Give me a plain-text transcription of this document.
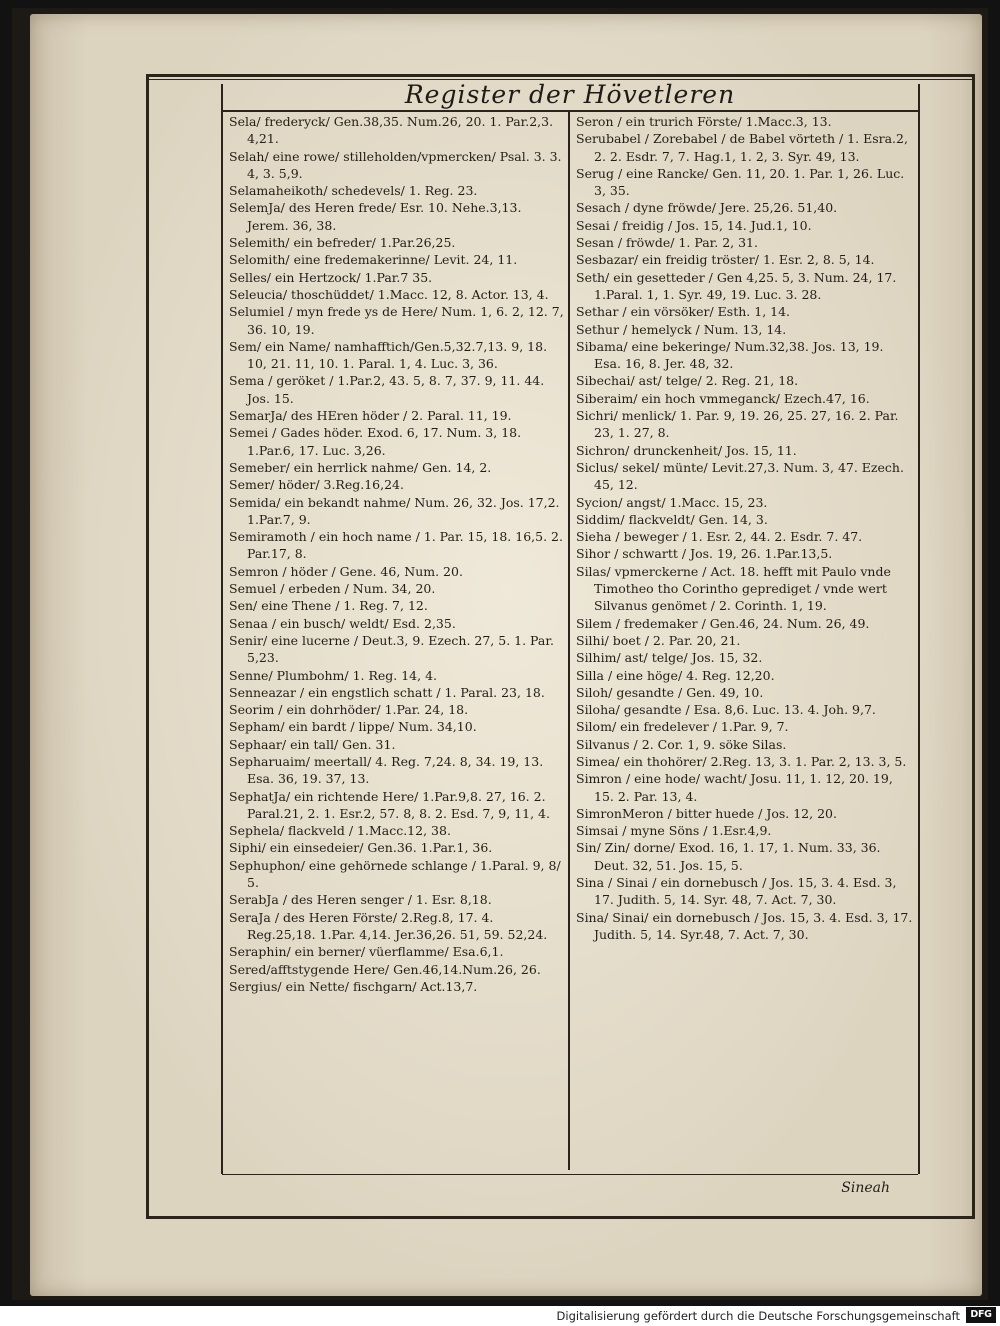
Register der Hövetleren
Sela/ frederyck/ Gen.38,35. Num.26, 20. 1. Par.2,3. 4,21.
Selah/ eine rowe/ stilleholden/vpmercken/ Psal. 3. 3. 4, 3. 5,9.
Selamaheikoth/ schedevels/ 1. Reg. 23.
SelemJa/ des Heren frede/ Esr. 10. Nehe.3,13. Jerem. 36, 38.
Selemith/ ein befreder/ 1.Par.26,25.
Selomith/ eine fredemakerinne/ Levit. 24, 11.
Selles/ ein Hertzock/ 1.Par.7 35.
Seleucia/ thoschüddet/ 1.Macc. 12, 8. Actor. 13, 4.
Selumiel / myn frede ys de Here/ Num. 1, 6. 2, 12. 7, 36. 10, 19.
Sem/ ein Name/ namhafftich/Gen.5,32.7,13. 9, 18. 10, 21. 11, 10. 1. Paral. 1, 4. Luc. 3, 36.
Sema / geröket / 1.Par.2, 43. 5, 8. 7, 37. 9, 11. 44. Jos. 15.
SemarJa/ des HEren höder / 2. Paral. 11, 19.
Semei / Gades höder. Exod. 6, 17. Num. 3, 18. 1.Par.6, 17. Luc. 3,26.
Semeber/ ein herrlick nahme/ Gen. 14, 2.
Semer/ höder/ 3.Reg.16,24.
Semida/ ein bekandt nahme/ Num. 26, 32. Jos. 17,2. 1.Par.7, 9.
Semiramoth / ein hoch name / 1. Par. 15, 18. 16,5. 2. Par.17, 8.
Semron / höder / Gene. 46, Num. 20.
Semuel / erbeden / Num. 34, 20.
Sen/ eine Thene / 1. Reg. 7, 12.
Senaa / ein busch/ weldt/ Esd. 2,35.
Senir/ eine lucerne / Deut.3, 9. Ezech. 27, 5. 1. Par. 5,23.
Senne/ Plumbohm/ 1. Reg. 14, 4.
Senneazar / ein engstlich schatt / 1. Paral. 23, 18.
Seorim / ein dohrhöder/ 1.Par. 24, 18.
Sepham/ ein bardt / lippe/ Num. 34,10.
Sephaar/ ein tall/ Gen. 31.
Sepharuaim/ meertall/ 4. Reg. 7,24. 8, 34. 19, 13. Esa. 36, 19. 37, 13.
SephatJa/ ein richtende Here/ 1.Par.9,8. 27, 16. 2. Paral.21, 2. 1. Esr.2, 57. 8, 8. 2. Esd. 7, 9, 11, 4.
Sephela/ flackveld / 1.Macc.12, 38.
Siphi/ ein einsedeier/ Gen.36. 1.Par.1, 36.
Sephuphon/ eine gehörnede schlange / 1.Paral. 9, 8/ 5.
SerabJa / des Heren senger / 1. Esr. 8,18.
SeraJa / des Heren Förste/ 2.Reg.8, 17. 4. Reg.25,18. 1.Par. 4,14. Jer.36,26. 51, 59. 52,24.
Seraphin/ ein berner/ vüerflamme/ Esa.6,1.
Sered/afftstygende Here/ Gen.46,14.Num.26, 26.
Sergius/ ein Nette/ fischgarn/ Act.13,7.
Seron / ein trurich Förste/ 1.Macc.3, 13.
Serubabel / Zorebabel / de Babel vörteth / 1. Esra.2, 2. 2. Esdr. 7, 7. Hag.1, 1. 2, 3. Syr. 49, 13.
Serug / eine Rancke/ Gen. 11, 20. 1. Par. 1, 26. Luc. 3, 35.
Sesach / dyne fröwde/ Jere. 25,26. 51,40.
Sesai / freidig / Jos. 15, 14. Jud.1, 10.
Sesan / fröwde/ 1. Par. 2, 31.
Sesbazar/ ein freidig tröster/ 1. Esr. 2, 8. 5, 14.
Seth/ ein gesetteder / Gen 4,25. 5, 3. Num. 24, 17. 1.Paral. 1, 1. Syr. 49, 19. Luc. 3. 28.
Sethar / ein vörsöker/ Esth. 1, 14.
Sethur / hemelyck / Num. 13, 14.
Sibama/ eine bekeringe/ Num.32,38. Jos. 13, 19. Esa. 16, 8. Jer. 48, 32.
Sibechai/ ast/ telge/ 2. Reg. 21, 18.
Siberaim/ ein hoch vmmeganck/ Ezech.47, 16.
Sichri/ menlick/ 1. Par. 9, 19. 26, 25. 27, 16. 2. Par. 23, 1. 27, 8.
Sichron/ drunckenheit/ Jos. 15, 11.
Siclus/ sekel/ münte/ Levit.27,3. Num. 3, 47. Ezech. 45, 12.
Sycion/ angst/ 1.Macc. 15, 23.
Siddim/ flackveldt/ Gen. 14, 3.
Sieha / beweger / 1. Esr. 2, 44. 2. Esdr. 7. 47.
Sihor / schwartt / Jos. 19, 26. 1.Par.13,5.
Silas/ vpmerckerne / Act. 18. hefft mit Paulo vnde Timotheo tho Corintho geprediget / vnde wert Silvanus genömet / 2. Corinth. 1, 19.
Silem / fredemaker / Gen.46, 24. Num. 26, 49.
Silhi/ boet / 2. Par. 20, 21.
Silhim/ ast/ telge/ Jos. 15, 32.
Silla / eine höge/ 4. Reg. 12,20.
Siloh/ gesandte / Gen. 49, 10.
Siloha/ gesandte / Esa. 8,6. Luc. 13. 4. Joh. 9,7.
Silom/ ein fredelever / 1.Par. 9, 7.
Silvanus / 2. Cor. 1, 9. söke Silas.
Simea/ ein thohörer/ 2.Reg. 13, 3. 1. Par. 2, 13. 3, 5.
Simron / eine hode/ wacht/ Josu. 11, 1. 12, 20. 19, 15. 2. Par. 13, 4.
SimronMeron / bitter huede / Jos. 12, 20.
Simsai / myne Söns / 1.Esr.4,9.
Sin/ Zin/ dorne/ Exod. 16, 1. 17, 1. Num. 33, 36. Deut. 32, 51. Jos. 15, 5.
Sina / Sinai / ein dornebusch / Jos. 15, 3. 4. Esd. 3, 17. Judith. 5, 14. Syr. 48, 7. Act. 7, 30.
Sina/ Sinai/ ein dornebusch / Jos. 15, 3. 4. Esd. 3, 17. Judith. 5, 14. Syr.48, 7. Act. 7, 30.
Sineah
Digitalisierung gefördert durch die Deutsche Forschungsgemeinschaft	DFG
